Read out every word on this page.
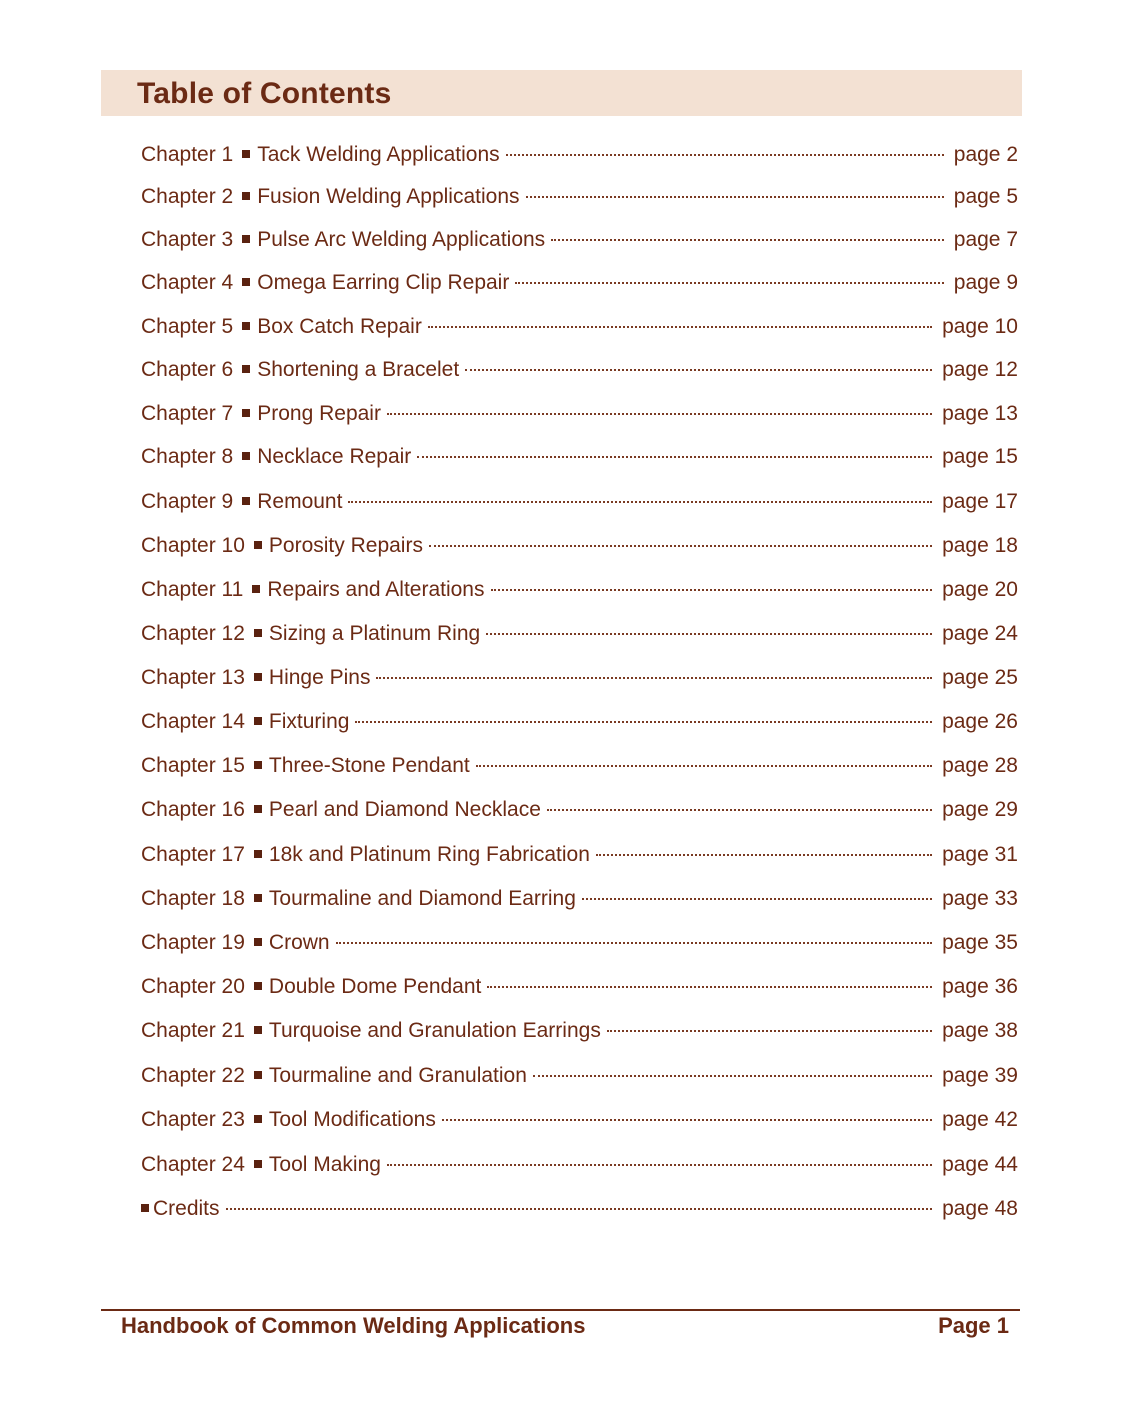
Table of Contents
Chapter 1 Tack Welding Applications	page 2
Chapter 2 Fusion Welding Applications	page 5
Chapter 3 Pulse Arc Welding Applications	page 7
Chapter 4 Omega Earring Clip Repair	page 9
Chapter 5 Box Catch Repair	page 10
Chapter 6 Shortening a Bracelet	page 12
Chapter 7 Prong Repair	page 13
Chapter 8 Necklace Repair	page 15
Chapter 9 Remount	page 17
Chapter 10 Porosity Repairs	page 18
Chapter 11 Repairs and Alterations	page 20
Chapter 12 Sizing a Platinum Ring	page 24
Chapter 13 Hinge Pins	page 25
Chapter 14 Fixturing	page 26
Chapter 15 Three-Stone Pendant	page 28
Chapter 16 Pearl and Diamond Necklace	page 29
Chapter 17 18k and Platinum Ring Fabrication	page 31
Chapter 18 Tourmaline and Diamond Earring	page 33
Chapter 19 Crown	page 35
Chapter 20 Double Dome Pendant	page 36
Chapter 21 Turquoise and Granulation Earrings	page 38
Chapter 22 Tourmaline and Granulation	page 39
Chapter 23 Tool Modifications	page 42
Chapter 24 Tool Making	page 44
Credits	page 48
Handbook of Common Welding Applications	Page 1
